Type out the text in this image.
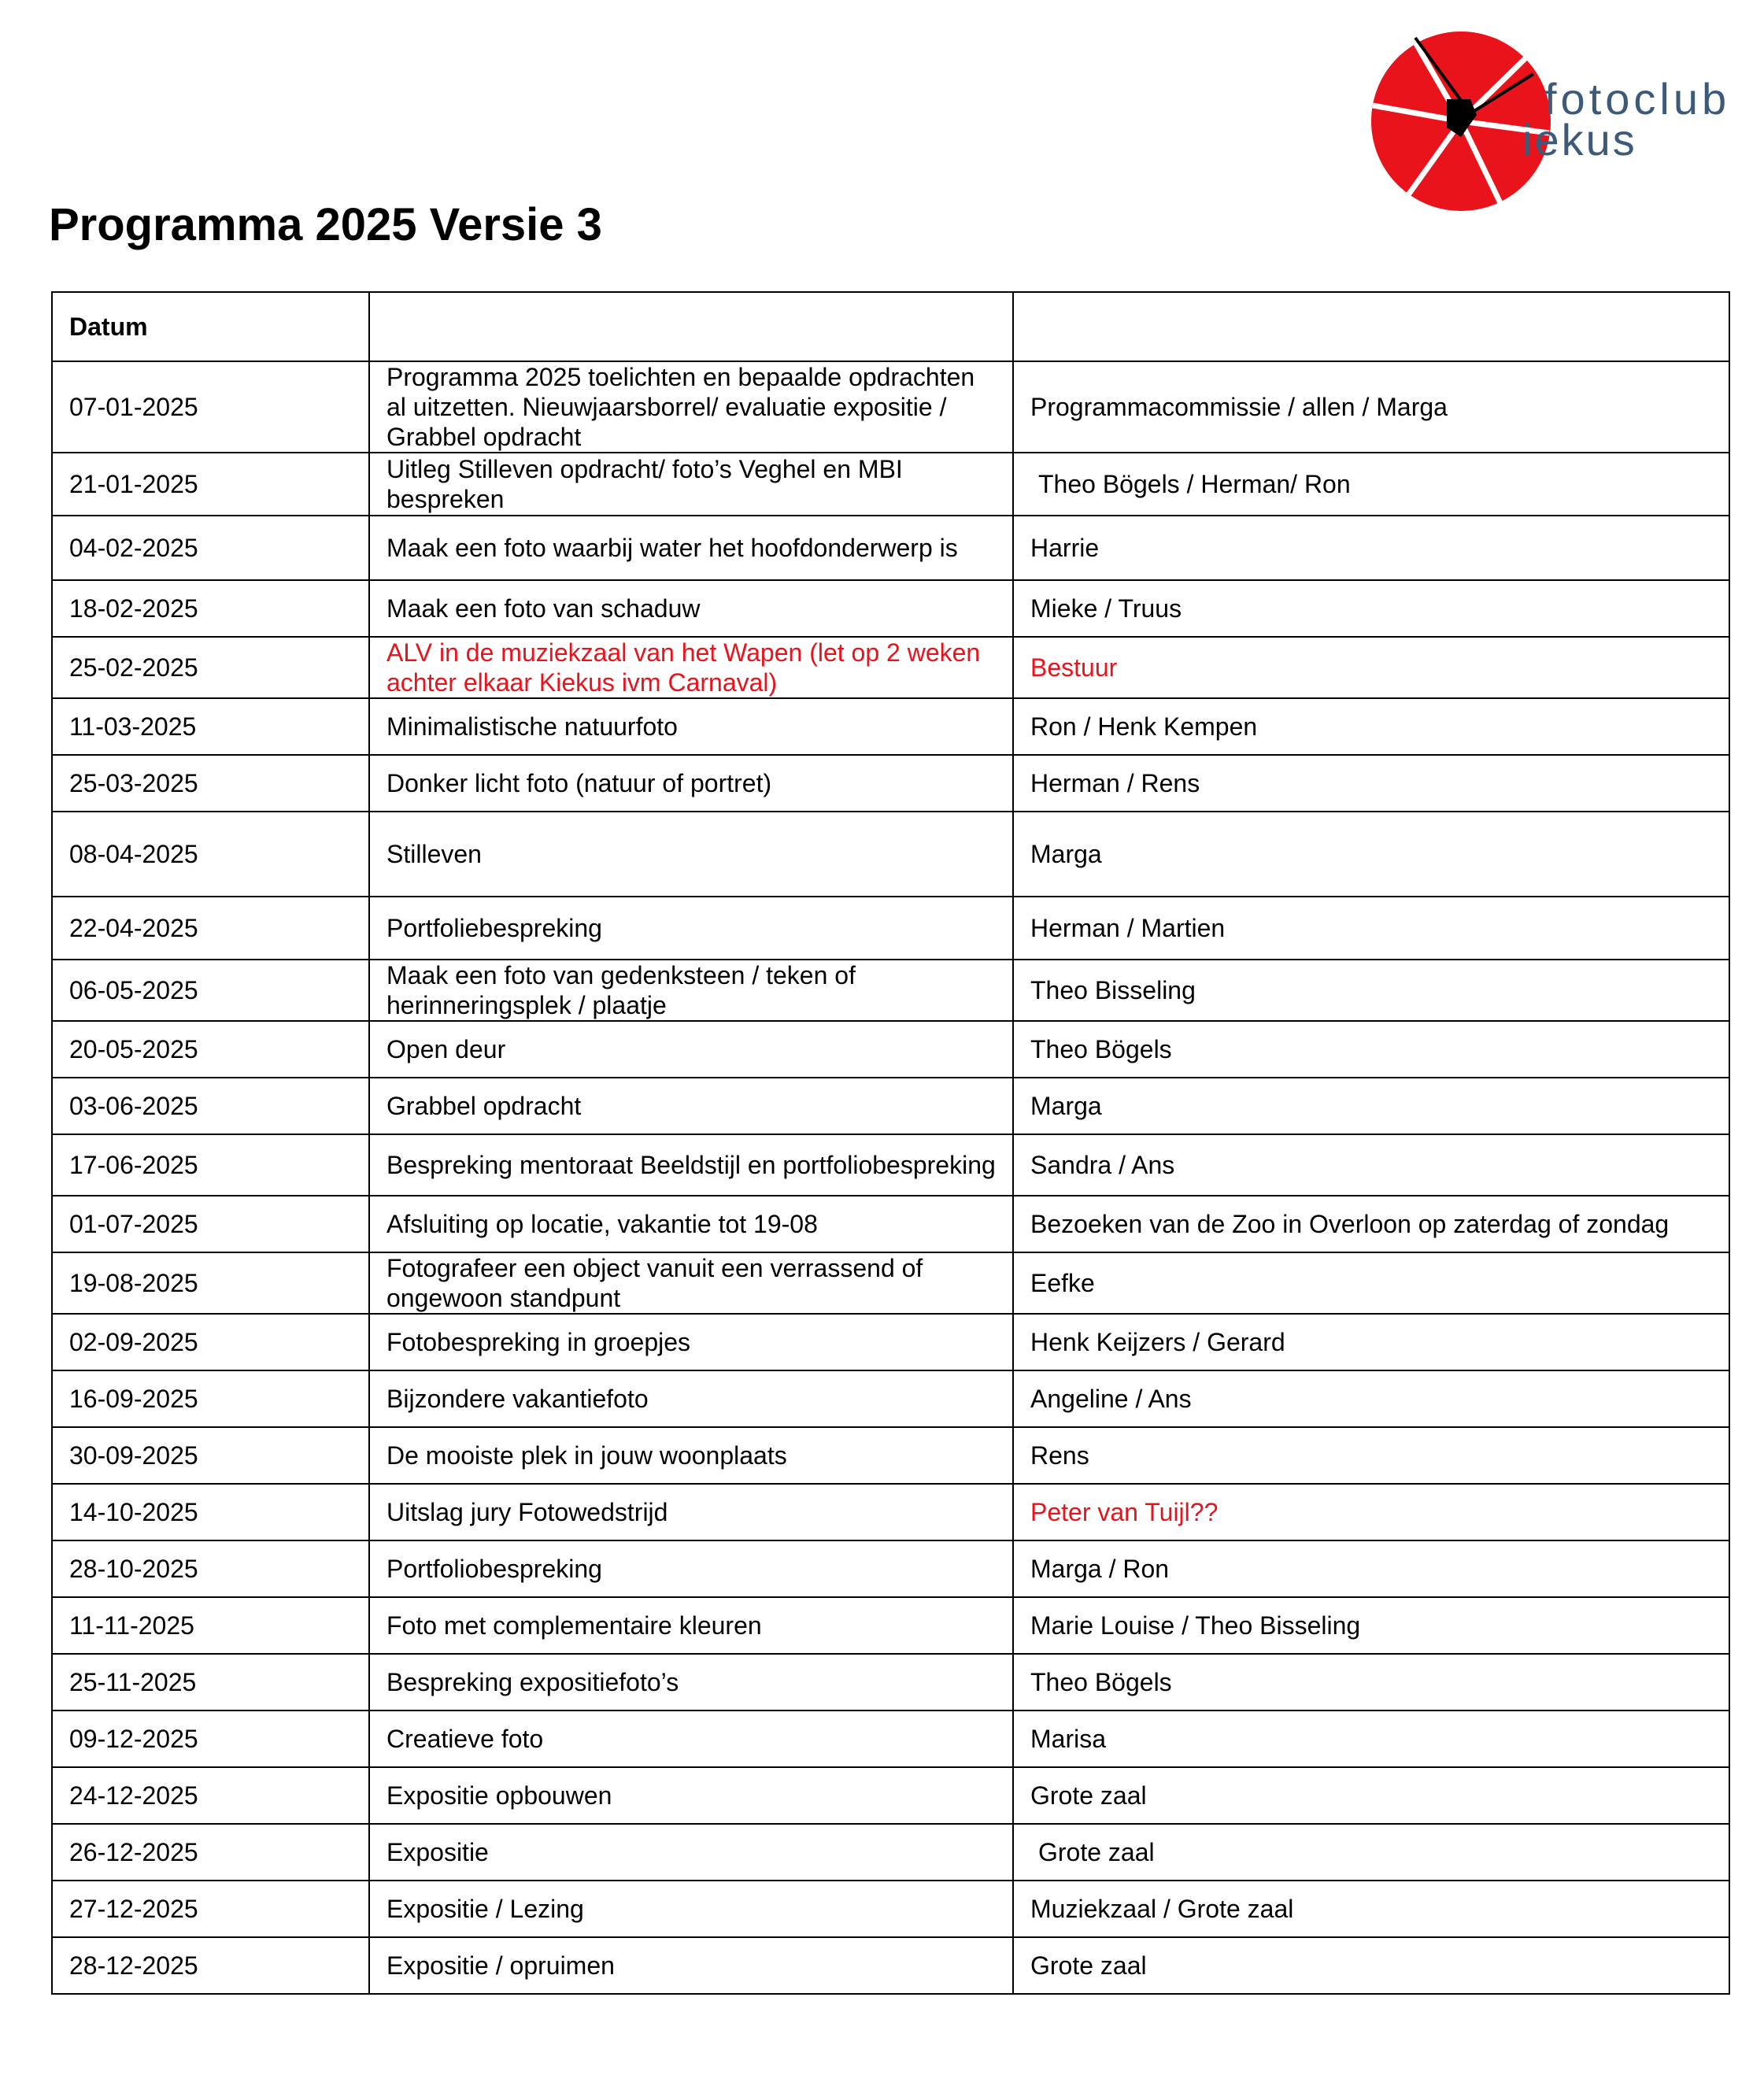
fotoclub
iekus
Programma 2025 Versie 3
Datum		
07-01-2025	Programma 2025 toelichten en bepaalde opdrachten al uitzetten. Nieuwjaarsborrel/ evaluatie expositie / Grabbel opdracht	Programmacommissie / allen / Marga
21-01-2025	Uitleg Stilleven opdracht/ foto’s Veghel en MBI bespreken	Theo Bögels / Herman/ Ron
04-02-2025	Maak een foto waarbij water het hoofdonderwerp is	Harrie
18-02-2025	Maak een foto van schaduw	Mieke / Truus
25-02-2025	ALV in de muziekzaal van het Wapen (let op 2 weken achter elkaar Kiekus ivm Carnaval)	Bestuur
11-03-2025	Minimalistische natuurfoto	Ron / Henk Kempen
25-03-2025	Donker licht foto (natuur of portret)	Herman / Rens
08-04-2025	Stilleven	Marga
22-04-2025	Portfoliebespreking	Herman / Martien
06-05-2025	Maak een foto van gedenksteen / teken of herinneringsplek / plaatje	Theo Bisseling
20-05-2025	Open deur	Theo Bögels
03-06-2025	Grabbel opdracht	Marga
17-06-2025	Bespreking mentoraat Beeldstijl en portfoliobespreking	Sandra / Ans
01-07-2025	Afsluiting op locatie, vakantie tot 19-08	Bezoeken van de Zoo in Overloon op zaterdag of zondag
19-08-2025	Fotografeer een object vanuit een verrassend of ongewoon standpunt	Eefke
02-09-2025	Fotobespreking in groepjes	Henk Keijzers / Gerard
16-09-2025	Bijzondere vakantiefoto	Angeline / Ans
30-09-2025	De mooiste plek in jouw woonplaats	Rens
14-10-2025	Uitslag jury Fotowedstrijd	Peter van Tuijl??
28-10-2025	Portfoliobespreking	Marga / Ron
11-11-2025	Foto met complementaire kleuren	Marie Louise / Theo Bisseling
25-11-2025	Bespreking expositiefoto’s	Theo Bögels
09-12-2025	Creatieve foto	Marisa
24-12-2025	Expositie opbouwen	Grote zaal
26-12-2025	Expositie	Grote zaal
27-12-2025	Expositie / Lezing	Muziekzaal / Grote zaal
28-12-2025	Expositie / opruimen	Grote zaal
